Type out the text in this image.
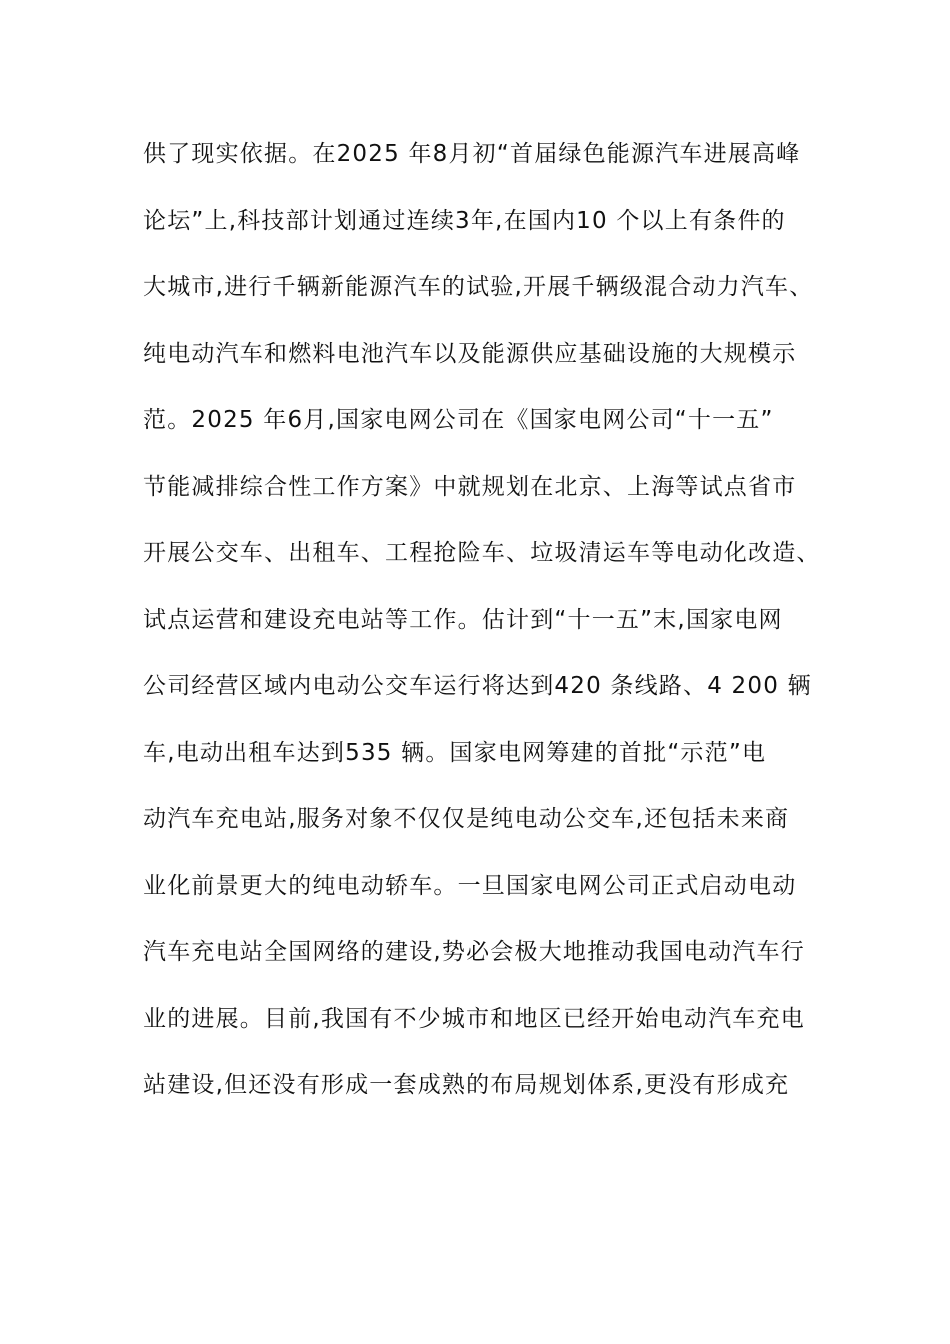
供了现实依据。在2025 年8月初“首届绿色能源汽车进展高峰
论坛”上,科技部计划通过连续3年,在国内10 个以上有条件的
大城市,进行千辆新能源汽车的试验,开展千辆级混合动力汽车、
纯电动汽车和燃料电池汽车以及能源供应基础设施的大规模示
范。2025 年6月,国家电网公司在《国家电网公司“十一五”
节能减排综合性工作方案》中就规划在北京、上海等试点省市
开展公交车、出租车、工程抢险车、垃圾清运车等电动化改造、
试点运营和建设充电站等工作。估计到“十一五”末,国家电网
公司经营区域内电动公交车运行将达到420 条线路、4 200 辆
车,电动出租车达到535 辆。国家电网筹建的首批“示范”电
动汽车充电站,服务对象不仅仅是纯电动公交车,还包括未来商
业化前景更大的纯电动轿车。一旦国家电网公司正式启动电动
汽车充电站全国网络的建设,势必会极大地推动我国电动汽车行
业的进展。目前,我国有不少城市和地区已经开始电动汽车充电
站建设,但还没有形成一套成熟的布局规划体系,更没有形成充
